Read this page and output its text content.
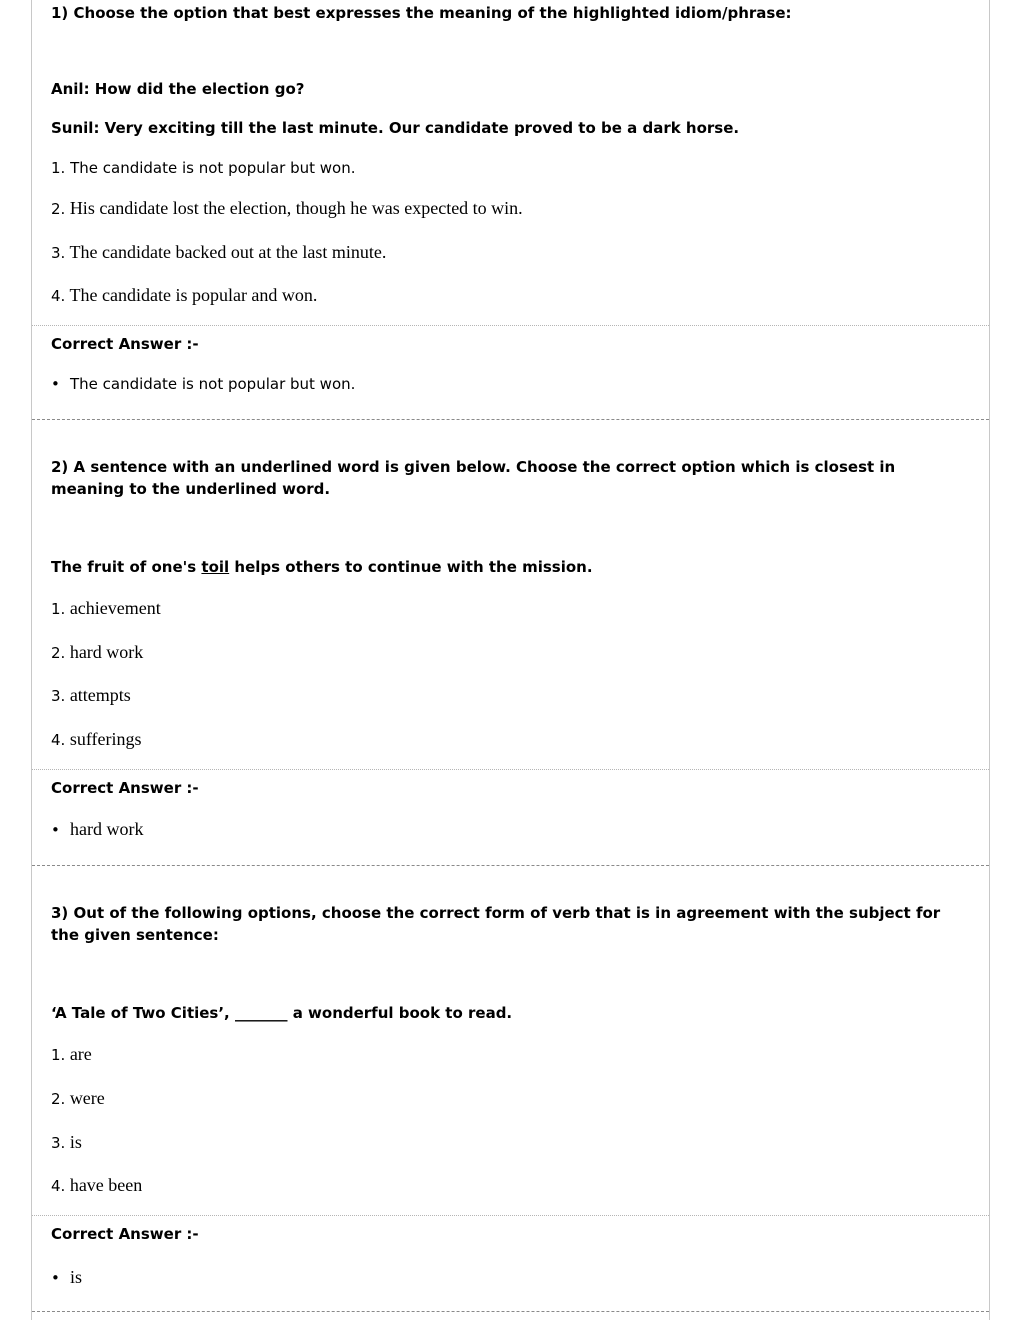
1) Choose the option that best expresses the meaning of the highlighted idiom/phrase:
Anil: How did the election go?
Sunil: Very exciting till the last minute. Our candidate proved to be a dark horse.
1. The candidate is not popular but won.
2. His candidate lost the election, though he was expected to win.
3. The candidate backed out at the last minute.
4. The candidate is popular and won.
Correct Answer :-
• The candidate is not popular but won.
2) A sentence with an underlined word is given below. Choose the correct option which is closest in meaning to the underlined word.
The fruit of one's toil helps others to continue with the mission.
1. achievement
2. hard work
3. attempts
4. sufferings
Correct Answer :-
• hard work
3) Out of the following options, choose the correct form of verb that is in agreement with the subject for the given sentence:
‘A Tale of Two Cities’, _______ a wonderful book to read.
1. are
2. were
3. is
4. have been
Correct Answer :-
• is
